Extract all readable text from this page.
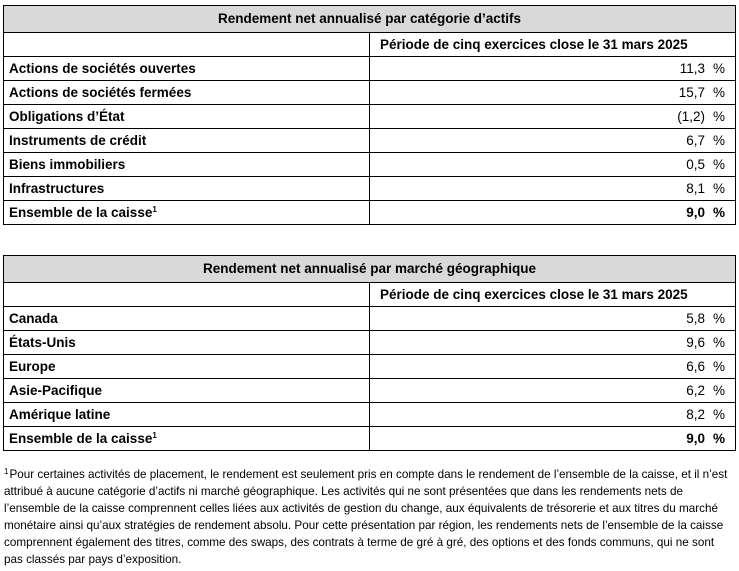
Rendement net annualisé par catégorie d’actifs	
	Période de cinq exercices close le 31 mars 2025
Actions de sociétés ouvertes	11,3 %
Actions de sociétés fermées	15,7 %
Obligations d’État	(1,2) %
Instruments de crédit	6,7 %
Biens immobiliers	0,5 %
Infrastructures	8,1 %
Ensemble de la caisse$^1$	9,0 %
Rendement net annualisé par marché géographique	
	Période de cinq exercices close le 31 mars 2025
Canada	5,8 %
États-Unis	9,6 %
Europe	6,6 %
Asie-Pacifique	6,2 %
Amérique latine	8,2 %
Ensemble de la caisse$^1$	9,0 %

$^1$Pour certaines activités de placement, le rendement est seulement pris en compte dans le rendement de l’ensemble de la caisse, et il n’est attribué à aucune catégorie d’actifs ni marché géographique. Les activités qui ne sont présentées que dans les rendements nets de l’ensemble de la caisse comprennent celles liées aux activités de gestion du change, aux équivalents de trésorerie et aux titres du marché monétaire ainsi qu’aux stratégies de rendement absolu. Pour cette présentation par région, les rendements nets de l’ensemble de la caisse comprennent également des titres, comme des swaps, des contrats à terme de gré à gré, des options et des fonds communs, qui ne sont pas classés par pays d’exposition.
